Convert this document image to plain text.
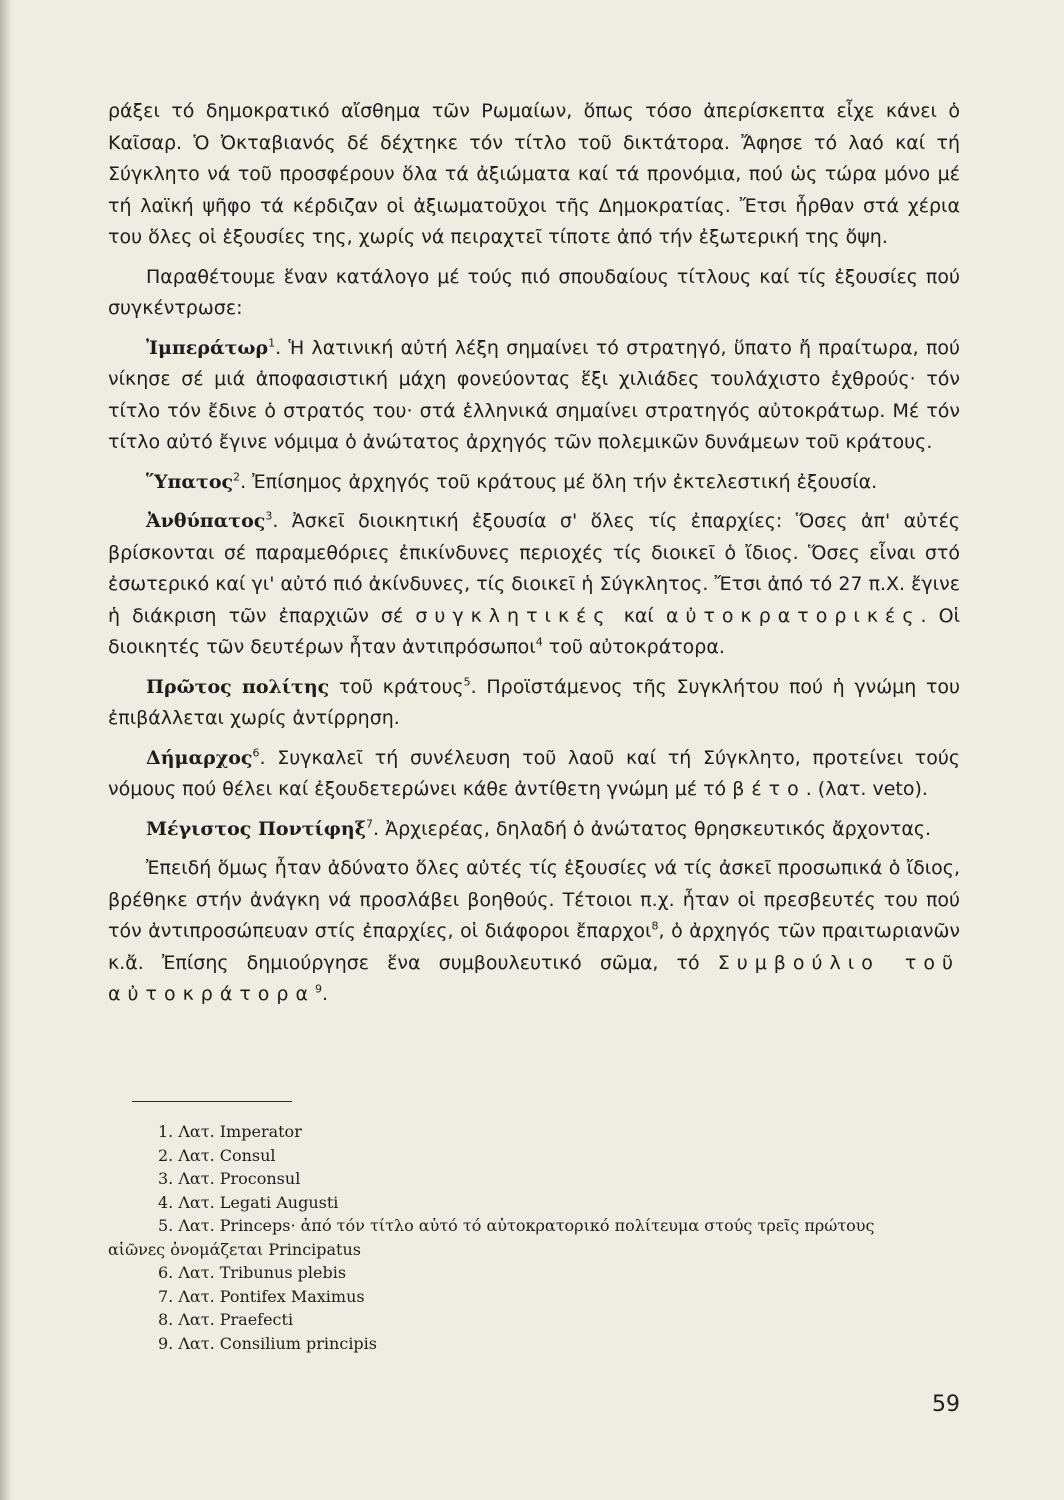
ράξει τό δημοκρατικό αἴσθημα τῶν Ρωμαίων, ὅπως τόσο ἀπερίσκεπτα εἶχε κάνει ὁ Καῖσαρ. Ὁ Ὀκταβιανός δέ δέχτηκε τόν τίτλο τοῦ δικτάτορα. Ἄφησε τό λαό καί τή Σύγκλητο νά τοῦ προσφέρουν ὅλα τά ἀξιώματα καί τά προνόμια, πού ὡς τώρα μόνο μέ τή λαϊκή ψῆφο τά κέρδιζαν οἱ ἀξιωματοῦχοι τῆς Δημοκρατίας. Ἔτσι ἦρθαν στά χέρια του ὅλες οἱ ἐξουσίες της, χωρίς νά πειραχτεῖ τίποτε ἀπό τήν ἐξωτερική της ὄψη.

Παραθέτουμε ἕναν κατάλογο μέ τούς πιό σπουδαίους τίτλους καί τίς ἐξουσίες πού συγκέντρωσε:

Ἰμπεράτωρ$^1$. Ἡ λατινική αὐτή λέξη σημαίνει τό στρατηγό, ὕπατο ἤ πραίτωρα, πού νίκησε σέ μιά ἀποφασιστική μάχη φονεύοντας ἕξι χιλιάδες τουλάχιστο ἐχθρούς· τόν τίτλο τόν ἔδινε ὁ στρατός του· στά ἑλληνικά σημαίνει στρατηγός αὐτοκράτωρ. Μέ τόν τίτλο αὐτό ἔγινε νόμιμα ὁ ἀνώτατος ἀρχηγός τῶν πολεμικῶν δυνάμεων τοῦ κράτους.

Ὕπατος$^2$. Ἐπίσημος ἀρχηγός τοῦ κράτους μέ ὅλη τήν ἐκτελεστική ἐξουσία.

Ἀνθύπατος$^3$. Ἀσκεῖ διοικητική ἐξουσία σ' ὅλες τίς ἐπαρχίες: Ὅσες ἀπ' αὐτές βρίσκονται σέ παραμεθόριες ἐπικίνδυνες περιοχές τίς διοικεῖ ὁ ἴδιος. Ὅσες εἶναι στό ἐσωτερικό καί γι' αὐτό πιό ἀκίνδυνες, τίς διοικεῖ ἡ Σύγκλητος. Ἔτσι ἀπό τό 27 π.Χ. ἔγινε ἡ διάκριση τῶν ἐπαρχιῶν σέ συγκλητικές καί αὐτοκρατορικές. Οἱ διοικητές τῶν δευτέρων ἦταν ἀντιπρόσωποι$^4$ τοῦ αὐτοκράτορα.

Πρῶτος πολίτης τοῦ κράτους$^5$. Προϊστάμενος τῆς Συγκλήτου πού ἡ γνώμη του ἐπιβάλλεται χωρίς ἀντίρρηση.

Δήμαρχος$^6$. Συγκαλεῖ τή συνέλευση τοῦ λαοῦ καί τή Σύγκλητο, προτείνει τούς νόμους πού θέλει καί ἐξουδετερώνει κάθε ἀντίθετη γνώμη μέ τό βέτο. (λατ. veto).

Μέγιστος Ποντίφηξ$^7$. Ἀρχιερέας, δηλαδή ὁ ἀνώτατος θρησκευτικός ἄρχοντας.

Ἐπειδή ὅμως ἦταν ἀδύνατο ὅλες αὐτές τίς ἐξουσίες νά τίς ἀσκεῖ προσωπικά ὁ ἴδιος, βρέθηκε στήν ἀνάγκη νά προσλάβει βοηθούς. Τέτοιοι π.χ. ἦταν οἱ πρεσβευτές του πού τόν ἀντιπροσώπευαν στίς ἐπαρχίες, οἱ διάφοροι ἔπαρχοι$^8$, ὁ ἀρχηγός τῶν πραιτωριανῶν κ.ἄ. Ἐπίσης δημιούργησε ἕνα συμβουλευτικό σῶμα, τό Συμβούλιο τοῦ αὐτοκράτορα$^9$.

1. Λατ. Imperator
2. Λατ. Consul
3. Λατ. Proconsul
4. Λατ. Legati Augusti
5. Λατ. Princeps· ἀπό τόν τίτλο αὐτό τό αὐτοκρατορικό πολίτευμα στούς τρεῖς πρώτους
αἰῶνες ὀνομάζεται Principatus
6. Λατ. Tribunus plebis
7. Λατ. Pontifex Maximus
8. Λατ. Praefecti
9. Λατ. Consilium principis
59
